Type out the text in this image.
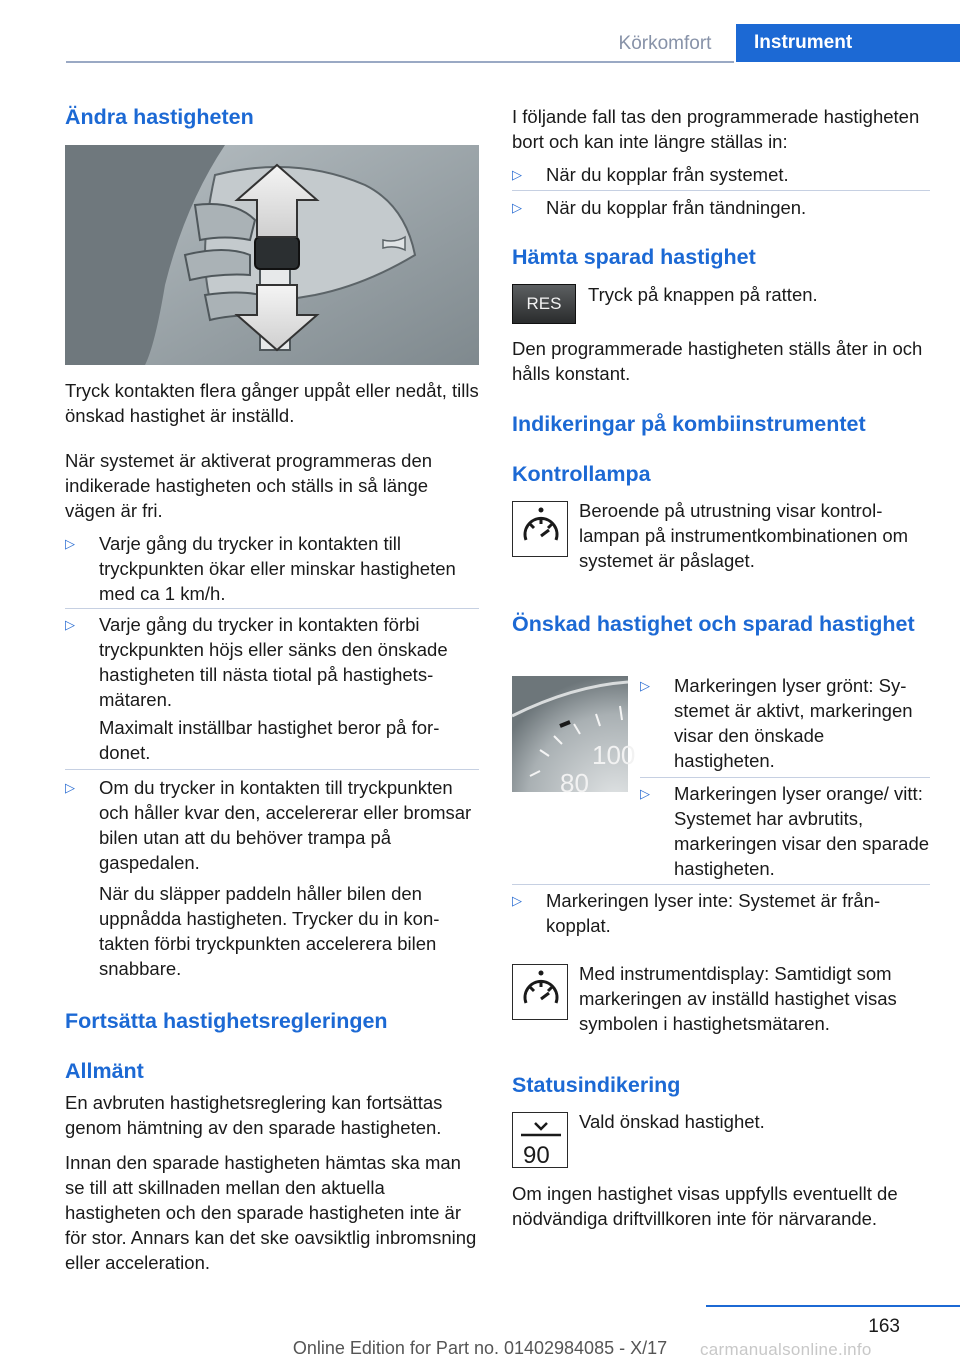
Körkomfort	Instrument
Ändra hastigheten

Tryck kontakten flera gånger uppåt eller nedåt, tills önskad hastighet är inställd.

När systemet är aktiverat programmeras den indikerade hastigheten och ställs in så länge vägen är fri.

▷ Varje gång du trycker in kontakten till tryckpunkten ökar eller minskar hastigheten med ca 1 km/h.
▷ Varje gång du trycker in kontakten förbi tryckpunkten höjs eller sänks den önskade hastigheten till nästa tiotal på hastighetsmätaren.
Maximalt inställbar hastighet beror på fordonet.
▷ Om du trycker in kontakten till tryckpunkten och håller kvar den, accelererar eller bromsar bilen utan att du behöver trampa på gaspedalen.
När du släpper paddeln håller bilen den uppnådda hastigheten. Trycker du in kontakten förbi tryckpunkten accelerera bilen snabbare.
Fortsätta hastighetsregleringen
Allmänt

En avbruten hastighetsreglering kan fortsättas genom hämtning av den sparade hastigheten.

Innan den sparade hastigheten hämtas ska man se till att skillnaden mellan den aktuella hastigheten och den sparade hastigheten inte är för stor. Annars kan det ske oavsiktlig inbromsning eller acceleration.

I följande fall tas den programmerade hastigheten bort och kan inte längre ställas in:

▷ När du kopplar från systemet.
▷ När du kopplar från tändningen.
Hämta sparad hastighet
RES	Tryck på knappen på ratten.

Den programmerade hastigheten ställs åter in och hålls konstant.

Indikeringar på kombiinstrumentet
Kontrollampa

Beroende på utrustning visar kontrollampan på instrumentkombinationen om systemet är påslaget.

Önskad hastighet och sparad hastighet
100
80
▷ Markeringen lyser grönt: Systemet är aktivt, markeringen visar den önskade hastigheten.
▷ Markeringen lyser orange/ vitt: Systemet har avbrutits, markeringen visar den sparade hastigheten.
▷ Markeringen lyser inte: Systemet är frånkopplat.

Med instrumentdisplay: Samtidigt som markeringen av inställd hastighet visas symbolen i hastighetsmätaren.

Statusindikering
90

Vald önskad hastighet.

Om ingen hastighet visas uppfylls eventuellt de nödvändiga driftvillkoren inte för närvarande.

163
Online Edition for Part no. 01402984085 - X/17	carmanualsonline.info
